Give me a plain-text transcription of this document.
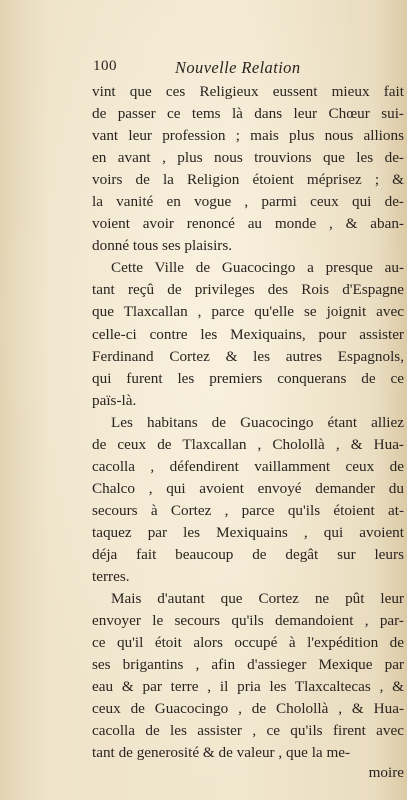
100	Nouvelle Relation
vint que ces Religieux eussent mieux fait
de passer ce tems là dans leur Chœur sui-
vant leur profession ; mais plus nous allions
en avant , plus nous trouvions que les de-
voirs de la Religion étoient méprisez ; &
la vanité en vogue , parmi ceux qui de-
voient avoir renoncé au monde , & aban-
donné tous ses plaisirs.
Cette Ville de Guacocingo a presque au-
tant reçû de privileges des Rois d'Espagne
que Tlaxcallan , parce qu'elle se joignit avec
celle-ci contre les Mexiquains, pour assister
Ferdinand Cortez & les autres Espagnols,
qui furent les premiers conquerans de ce
païs-là.
Les habitans de Guacocingo étant alliez
de ceux de Tlaxcallan , Cholollà , & Hua-
cacolla , défendirent vaillamment ceux de
Chalco , qui avoient envoyé demander du
secours à Cortez , parce qu'ils étoient at-
taquez par les Mexiquains , qui avoient
déja fait beaucoup de degât sur leurs
terres.
Mais d'autant que Cortez ne pût leur
envoyer le secours qu'ils demandoient , par-
ce qu'il étoit alors occupé à l'expédition de
ses brigantins , afin d'assieger Mexique par
eau & par terre , il pria les Tlaxcaltecas , &
ceux de Guacocingo , de Cholollà , & Hua-
cacolla de les assister , ce qu'ils firent avec
tant de generosité & de valeur , que la me-
moire
